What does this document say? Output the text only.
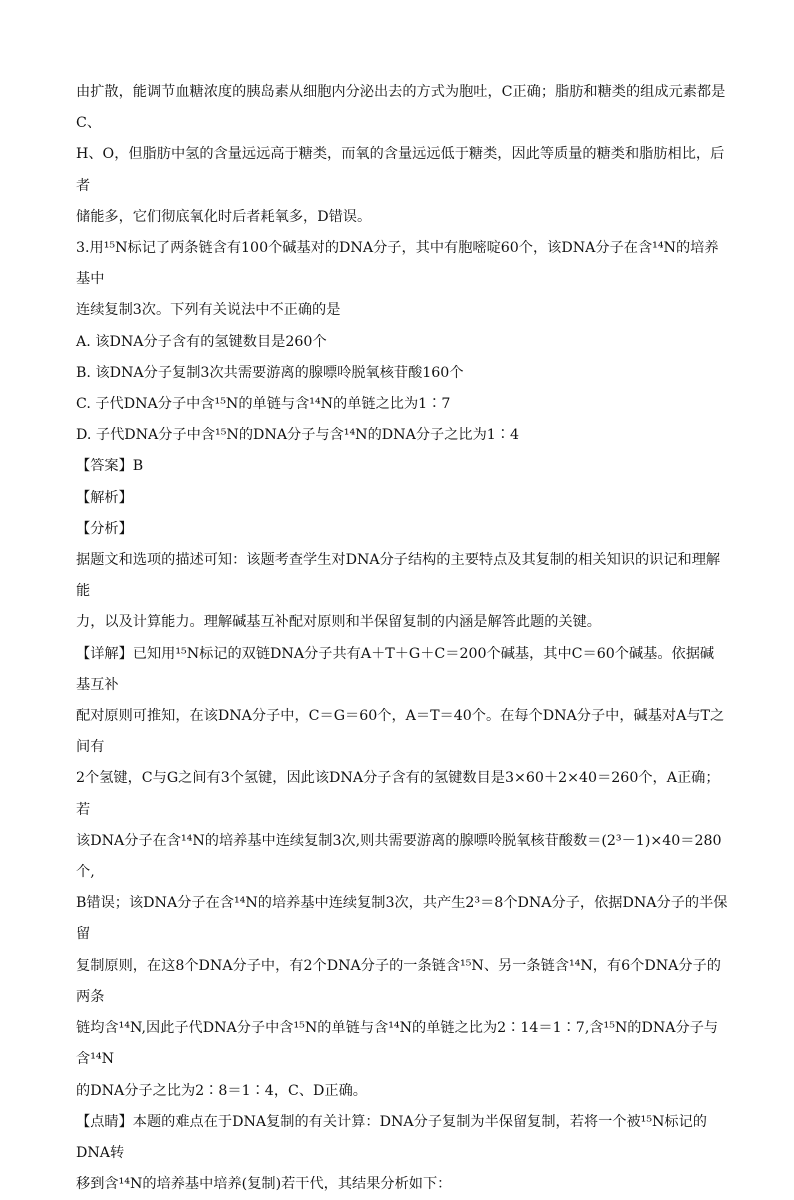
由扩散，能调节血糖浓度的胰岛素从细胞内分泌出去的方式为胞吐，C正确；脂肪和糖类的组成元素都是C、

H、O，但脂肪中氢的含量远远高于糖类，而氧的含量远远低于糖类，因此等质量的糖类和脂肪相比，后者

储能多，它们彻底氧化时后者耗氧多，D错误。

3.用¹⁵N标记了两条链含有100个碱基对的DNA分子，其中有胞嘧啶60个，该DNA分子在含¹⁴N的培养基中

连续复制3次。下列有关说法中不正确的是

A. 该DNA分子含有的氢键数目是260个

B. 该DNA分子复制3次共需要游离的腺嘌呤脱氧核苷酸160个

C. 子代DNA分子中含¹⁵N的单链与含¹⁴N的单链之比为1∶7

D. 子代DNA分子中含¹⁵N的DNA分子与含¹⁴N的DNA分子之比为1∶4

【答案】B

【解析】

【分析】

据题文和选项的描述可知：该题考查学生对DNA分子结构的主要特点及其复制的相关知识的识记和理解能

力，以及计算能力。理解碱基互补配对原则和半保留复制的内涵是解答此题的关键。

【详解】已知用¹⁵N标记的双链DNA分子共有A＋T＋G＋C＝200个碱基，其中C＝60个碱基。依据碱基互补

配对原则可推知，在该DNA分子中，C＝G＝60个，A＝T＝40个。在每个DNA分子中，碱基对A与T之间有

2个氢键，C与G之间有3个氢键，因此该DNA分子含有的氢键数目是3×60＋2×40＝260个，A正确；若

该DNA分子在含¹⁴N的培养基中连续复制3次,则共需要游离的腺嘌呤脱氧核苷酸数＝(2³－1)×40＝280个,

B错误；该DNA分子在含¹⁴N的培养基中连续复制3次，共产生2³＝8个DNA分子，依据DNA分子的半保留

复制原则，在这8个DNA分子中，有2个DNA分子的一条链含¹⁵N、另一条链含¹⁴N，有6个DNA分子的两条

链均含¹⁴N,因此子代DNA分子中含¹⁵N的单链与含¹⁴N的单链之比为2∶14＝1∶7,含¹⁵N的DNA分子与含¹⁴N

的DNA分子之比为2∶8＝1∶4，C、D正确。

【点睛】本题的难点在于DNA复制的有关计算：DNA分子复制为半保留复制，若将一个被¹⁵N标记的DNA转

移到含¹⁴N的培养基中培养(复制)若干代，其结果分析如下：
